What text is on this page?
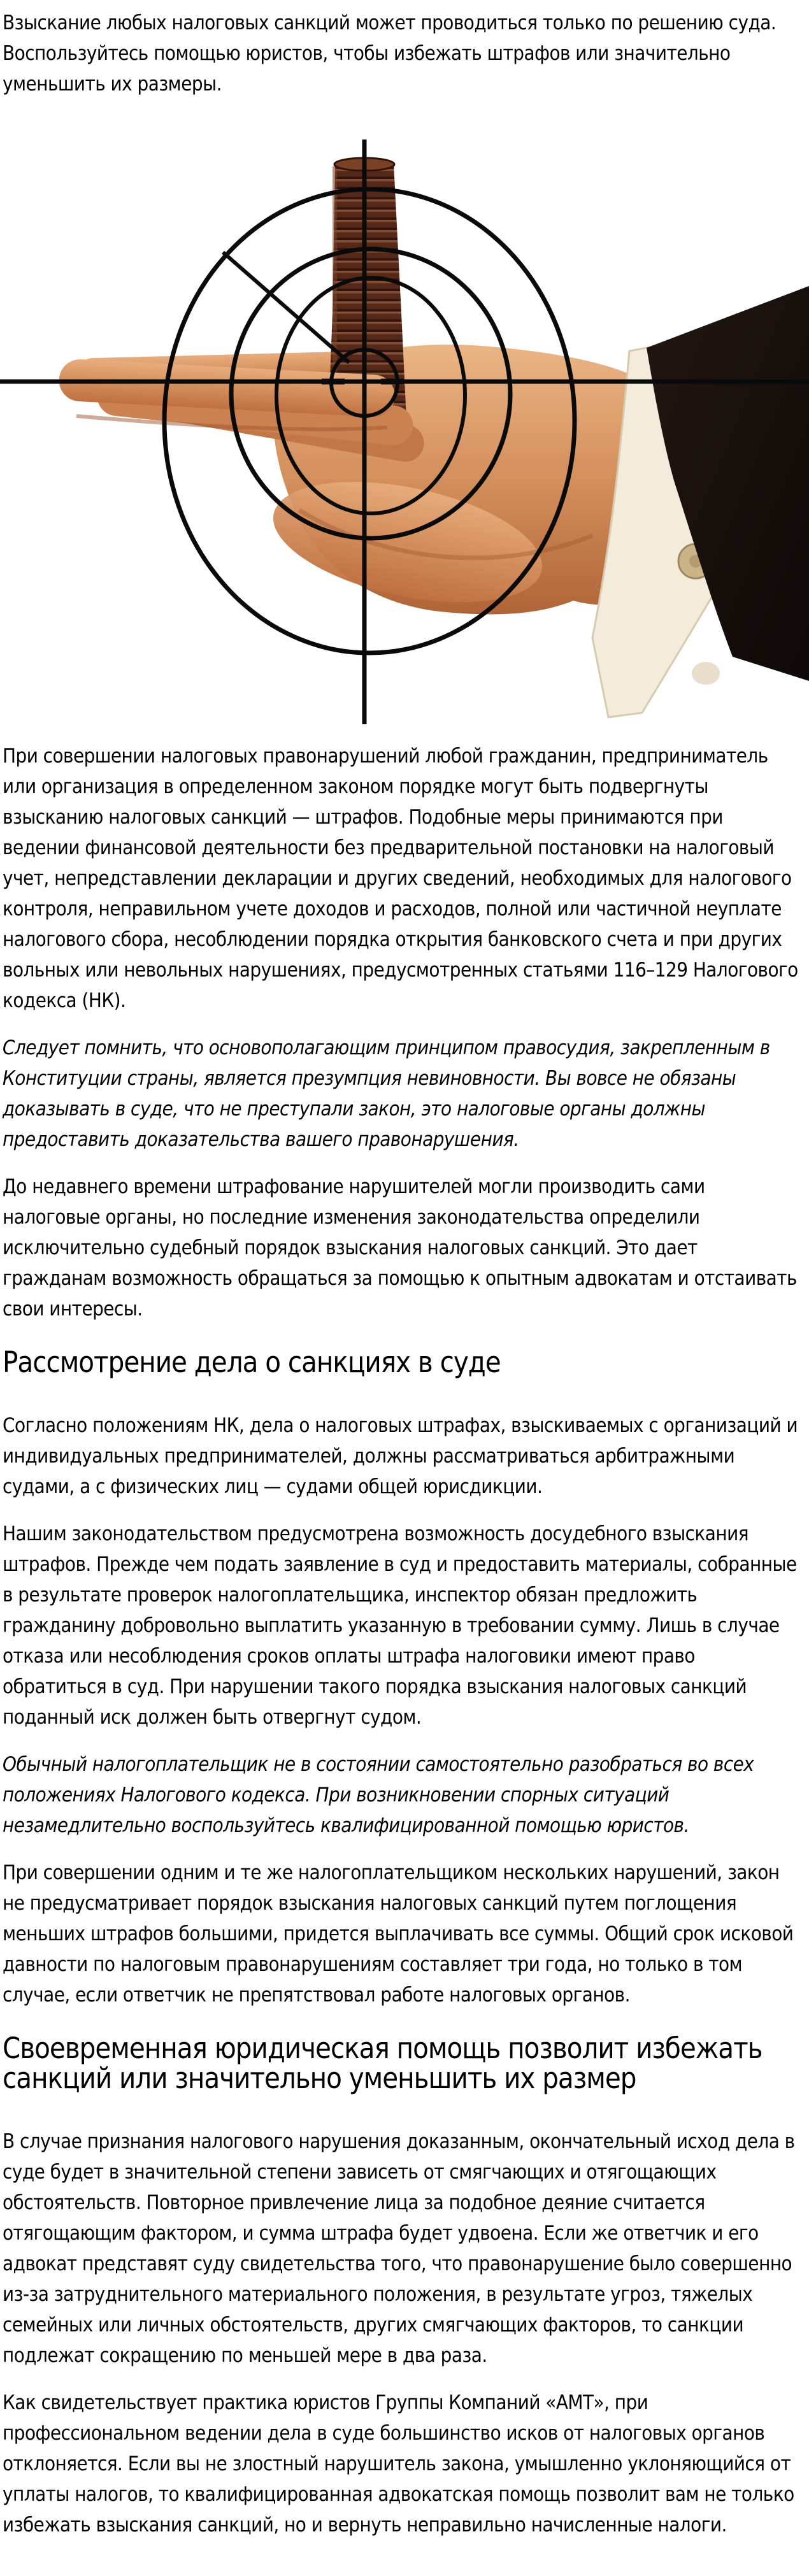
Взыскание любых налоговых санкций может проводиться только по решению суда. Воспользуйтесь помощью юристов, чтобы избежать штрафов или значительно уменьшить их размеры.

При совершении налоговых правонарушений любой гражданин, предприниматель или организация в определенном законом порядке могут быть подвергнуты взысканию налоговых санкций — штрафов. Подобные меры принимаются при ведении финансовой деятельности без предварительной постановки на налоговый учет, непредставлении декларации и других сведений, необходимых для налогового контроля, неправильном учете доходов и расходов, полной или частичной неуплате налогового сбора, несоблюдении порядка открытия банковского счета и при других вольных или невольных нарушениях, предусмотренных статьями 116–129 Налогового кодекса (НК).

Следует помнить, что основополагающим принципом правосудия, закрепленным в Конституции страны, является презумпция невиновности. Вы вовсе не обязаны доказывать в суде, что не преступали закон, это налоговые органы должны предоставить доказательства вашего правонарушения.

До недавнего времени штрафование нарушителей могли производить сами налоговые органы, но последние изменения законодательства определили исключительно судебный порядок взыскания налоговых санкций. Это дает гражданам возможность обращаться за помощью к опытным адвокатам и отстаивать свои интересы.

Рассмотрение дела о санкциях в суде

Согласно положениям НК, дела о налоговых штрафах, взыскиваемых с организаций и индивидуальных предпринимателей, должны рассматриваться арбитражными судами, а с физических лиц — судами общей юрисдикции.

Нашим законодательством предусмотрена возможность досудебного взыскания штрафов. Прежде чем подать заявление в суд и предоставить материалы, собранные в результате проверок налогоплательщика, инспектор обязан предложить гражданину добровольно выплатить указанную в требовании сумму. Лишь в случае отказа или несоблюдения сроков оплаты штрафа налоговики имеют право обратиться в суд. При нарушении такого порядка взыскания налоговых санкций поданный иск должен быть отвергнут судом.

Обычный налогоплательщик не в состоянии самостоятельно разобраться во всех положениях Налогового кодекса. При возникновении спорных ситуаций незамедлительно воспользуйтесь квалифицированной помощью юристов.

При совершении одним и те же налогоплательщиком нескольких нарушений, закон не предусматривает порядок взыскания налоговых санкций путем поглощения меньших штрафов большими, придется выплачивать все суммы. Общий срок исковой давности по налоговым правонарушениям составляет три года, но только в том случае, если ответчик не препятствовал работе налоговых органов.

Своевременная юридическая помощь позволит избежать санкций или значительно уменьшить их размер

В случае признания налогового нарушения доказанным, окончательный исход дела в суде будет в значительной степени зависеть от смягчающих и отягощающих обстоятельств. Повторное привлечение лица за подобное деяние считается отягощающим фактором, и сумма штрафа будет удвоена. Если же ответчик и его адвокат представят суду свидетельства того, что правонарушение было совершенно из-за затруднительного материального положения, в результате угроз, тяжелых семейных или личных обстоятельств, других смягчающих факторов, то санкции подлежат сокращению по меньшей мере в два раза.

Как свидетельствует практика юристов Группы Компаний «АМТ», при профессиональном ведении дела в суде большинство исков от налоговых органов отклоняется. Если вы не злостный нарушитель закона, умышленно уклоняющийся от уплаты налогов, то квалифицированная адвокатская помощь позволит вам не только избежать взыскания санкций, но и вернуть неправильно начисленные налоги.
